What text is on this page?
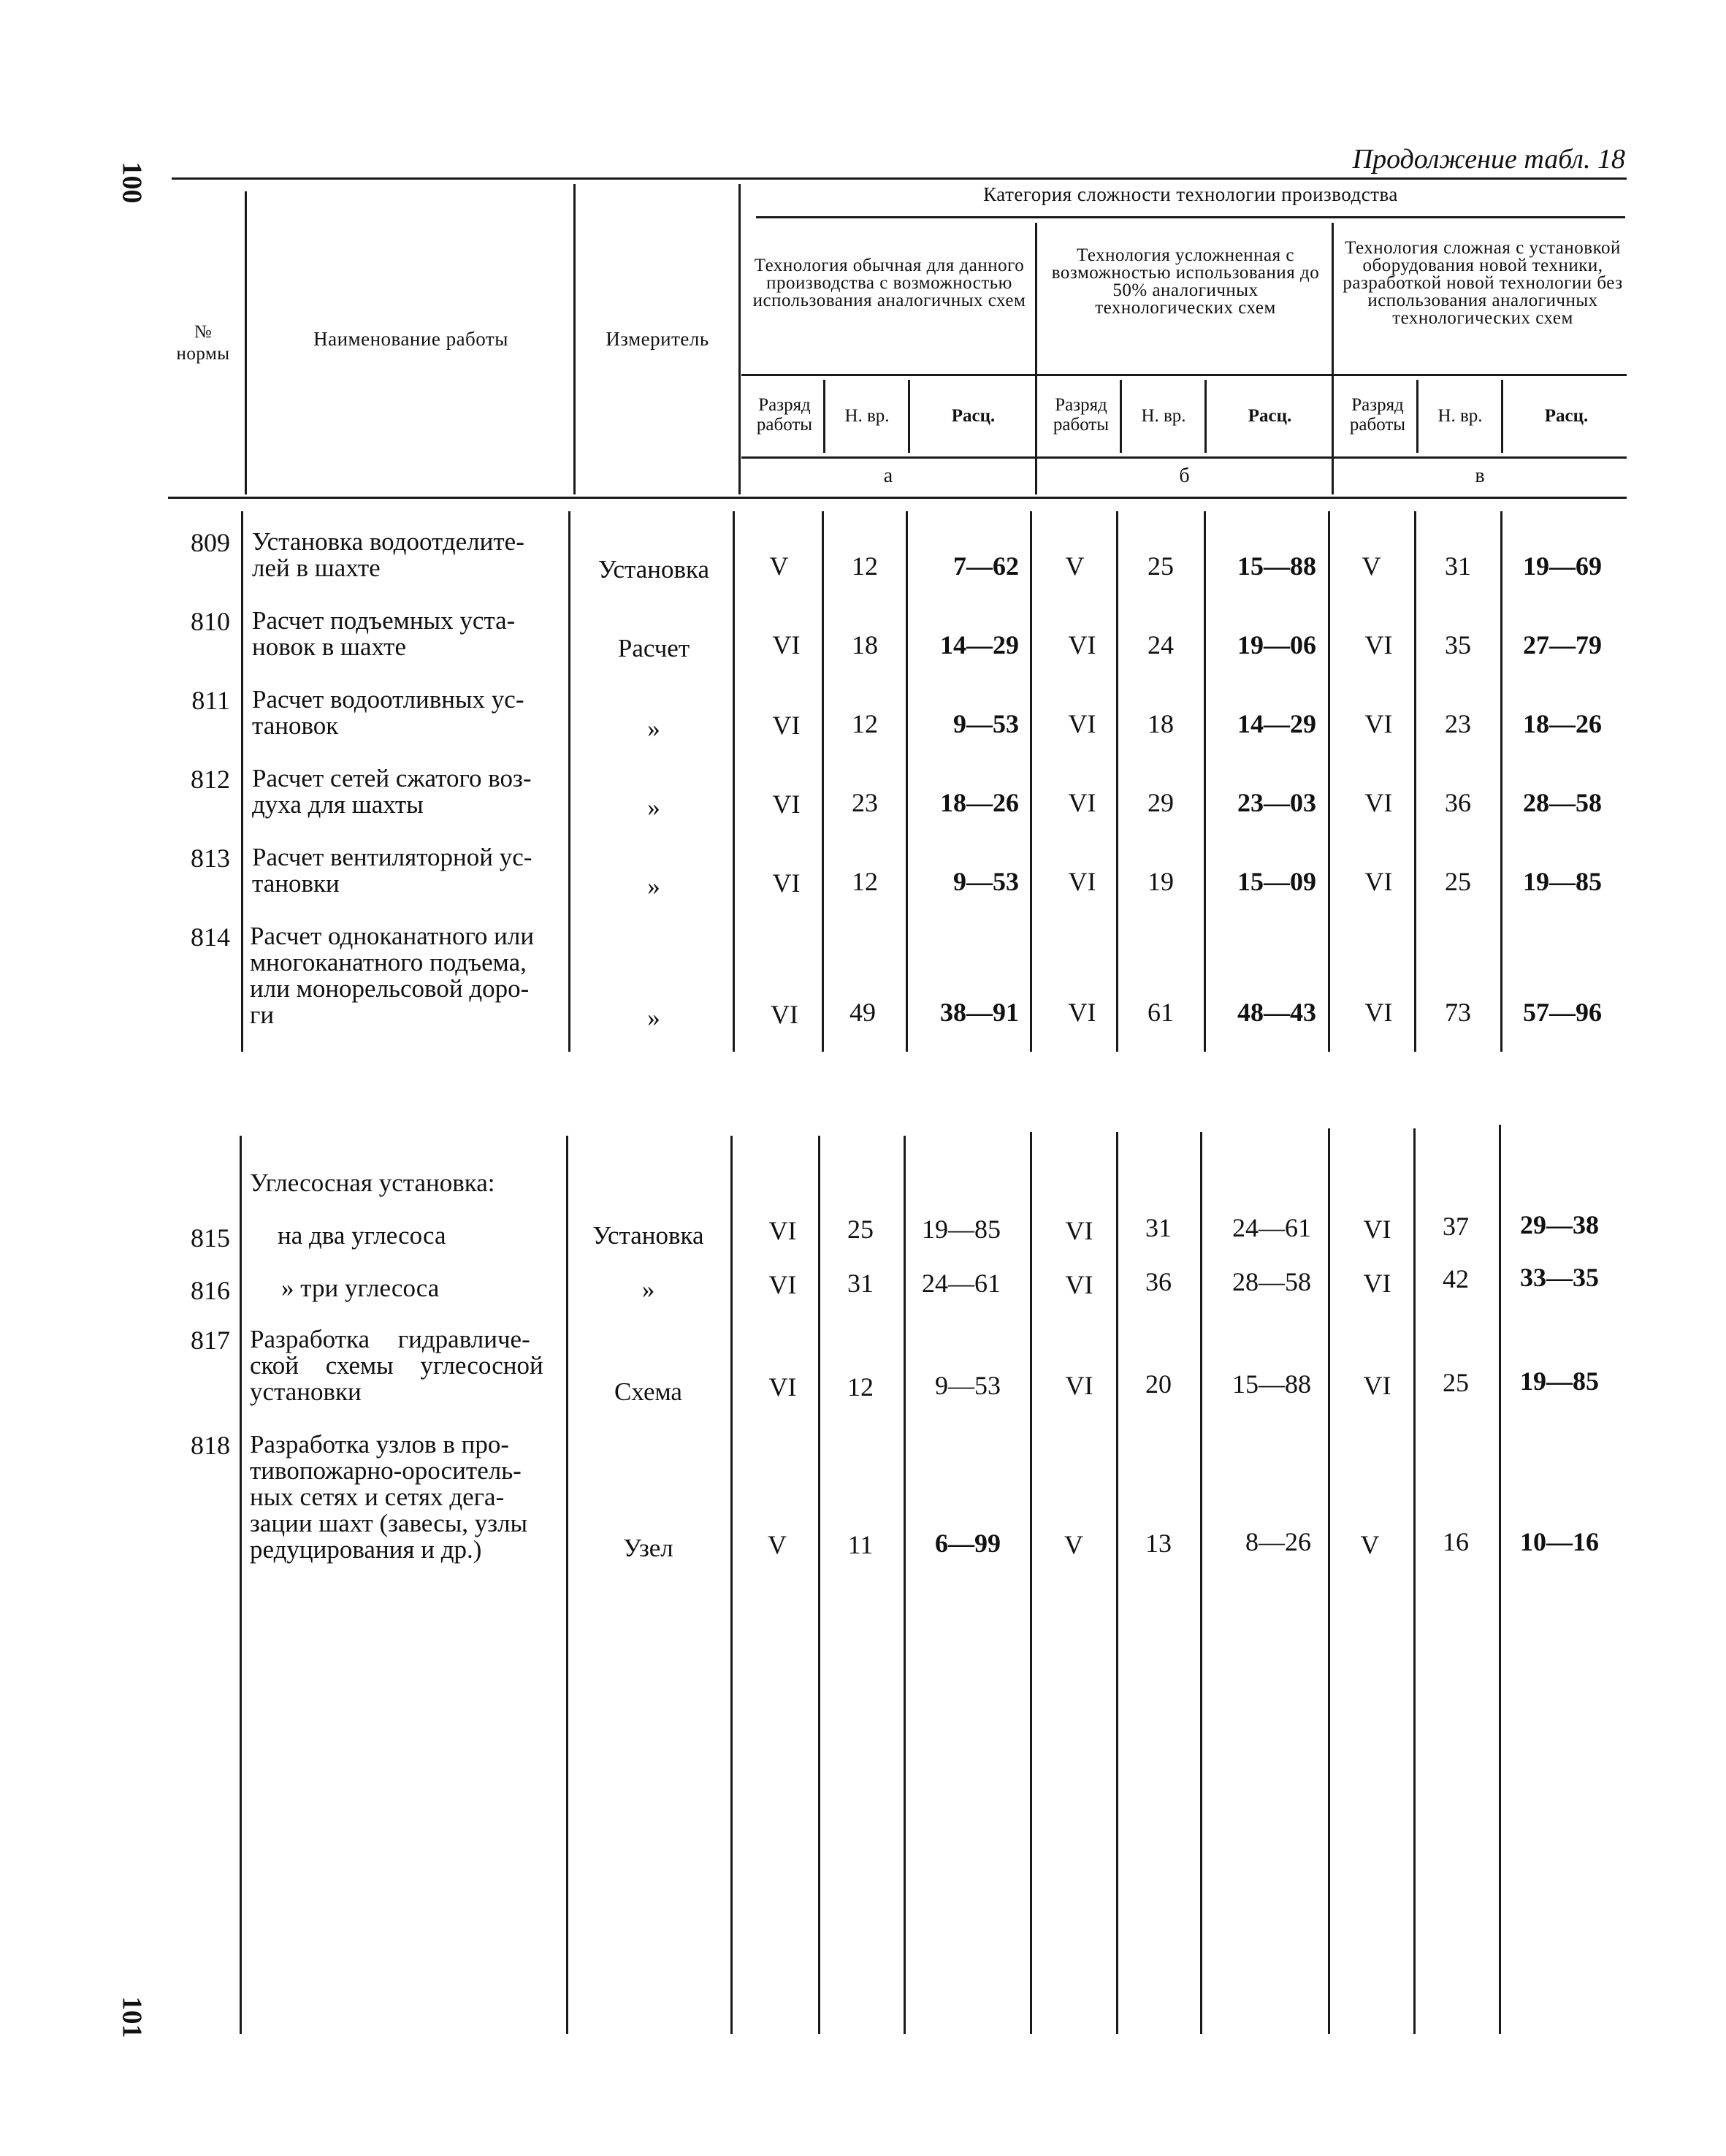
100
101
Продолжение табл. 18
№ нормы
Наименование работы	Измеритель
Категория сложности технологии производства
Технология обычная для данного производства с возможностью использования аналогичных схем
Технология усложненная с возможностью использования до 50% аналогичных технологических схем
Технология сложная с установкой оборудования новой техники, разработкой новой технологии без использования аналогичных технологических схем
Разряд работы	Н. вр.	Расц.
Разряд работы	Н. вр.	Расц.
Разряд работы	Н. вр.	Расц.
а	б	в
809 Установка водоотделите-
лей в шахте	Установка	V	12	7—62	V	25	15—88	V	31	19—69
810 Расчет подъемных уста-
новок в шахте	Расчет	VI	18	14—29	VI	24	19—06	VI	35	27—79
811 Расчет водоотливных ус-
тановок	»	VI	12	9—53	VI	18	14—29	VI	23	18—26
812 Расчет сетей сжатого воз-
духа для шахты	»	VI	23	18—26	VI	29	23—03	VI	36	28—58
813 Расчет вентиляторной ус-
тановки	»	VI	12	9—53	VI	19	15—09	VI	25	19—85
814 Расчет одноканатного или
многоканатного подъема,
или монорельсовой доро-
ги	»	VI	49	38—91	VI	61	48—43	VI	73	57—96
Углесосная установка:
815 на два углесоса	Установка	VI	25	19—85	VI	31	24—61	VI	37	29—38
816 » три углесоса	»	VI	31	24—61	VI	36	28—58	VI	42	33—35
817 Разработка гидравличе-
ской схемы углесосной
установки	Схема	VI	12	9—53	VI	20	15—88	VI	25	19—85
818 Разработка узлов в про-
тивопожарно-ороситель-
ных сетях и сетях дега-
зации шахт (завесы, узлы
редуцирования и др.)	Узел	V	11	6—99	V	13	8—26	V	16	10—16
